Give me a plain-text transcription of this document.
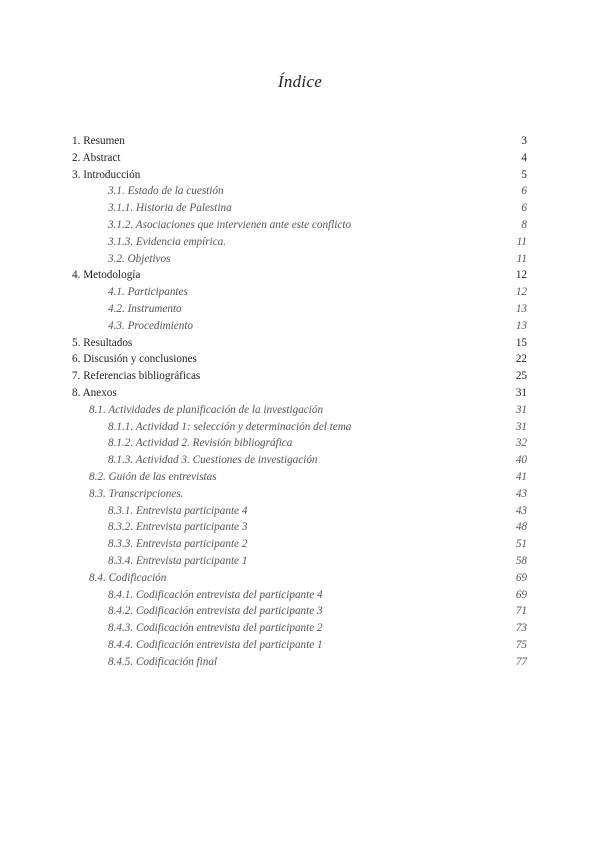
Índice
1. Resumen	3
2. Abstract	4
3. Introducción	5
3.1. Estado de la cuestión	6
3.1.1. Historia de Palestina	6
3.1.2. Asociaciones que intervienen ante este conflicto	8
3.1.3. Evidencia empírica.	11
3.2. Objetivos	11
4. Metodología	12
4.1. Participantes	12
4.2. Instrumento	13
4.3. Procedimiento	13
5. Resultados	15
6. Discusión y conclusiones	22
7. Referencias bibliográficas	25
8. Anexos	31
8.1. Actividades de planificación de la investigación	31
8.1.1. Actividad 1: selección y determinación del tema	31
8.1.2. Actividad 2. Revisión bibliográfica	32
8.1.3. Actividad 3. Cuestiones de investigación	40
8.2. Guión de las entrevistas	41
8.3. Transcripciones.	43
8.3.1. Entrevista participante 4	43
8.3.2. Entrevista participante 3	48
8.3.3. Entrevista participante 2	51
8.3.4. Entrevista participante 1	58
8.4. Codificación	69
8.4.1. Codificación entrevista del participante 4	69
8.4.2. Codificación entrevista del participante 3	71
8.4.3. Codificación entrevista del participante 2	73
8.4.4. Codificación entrevista del participante 1	75
8.4.5. Codificación final	77
